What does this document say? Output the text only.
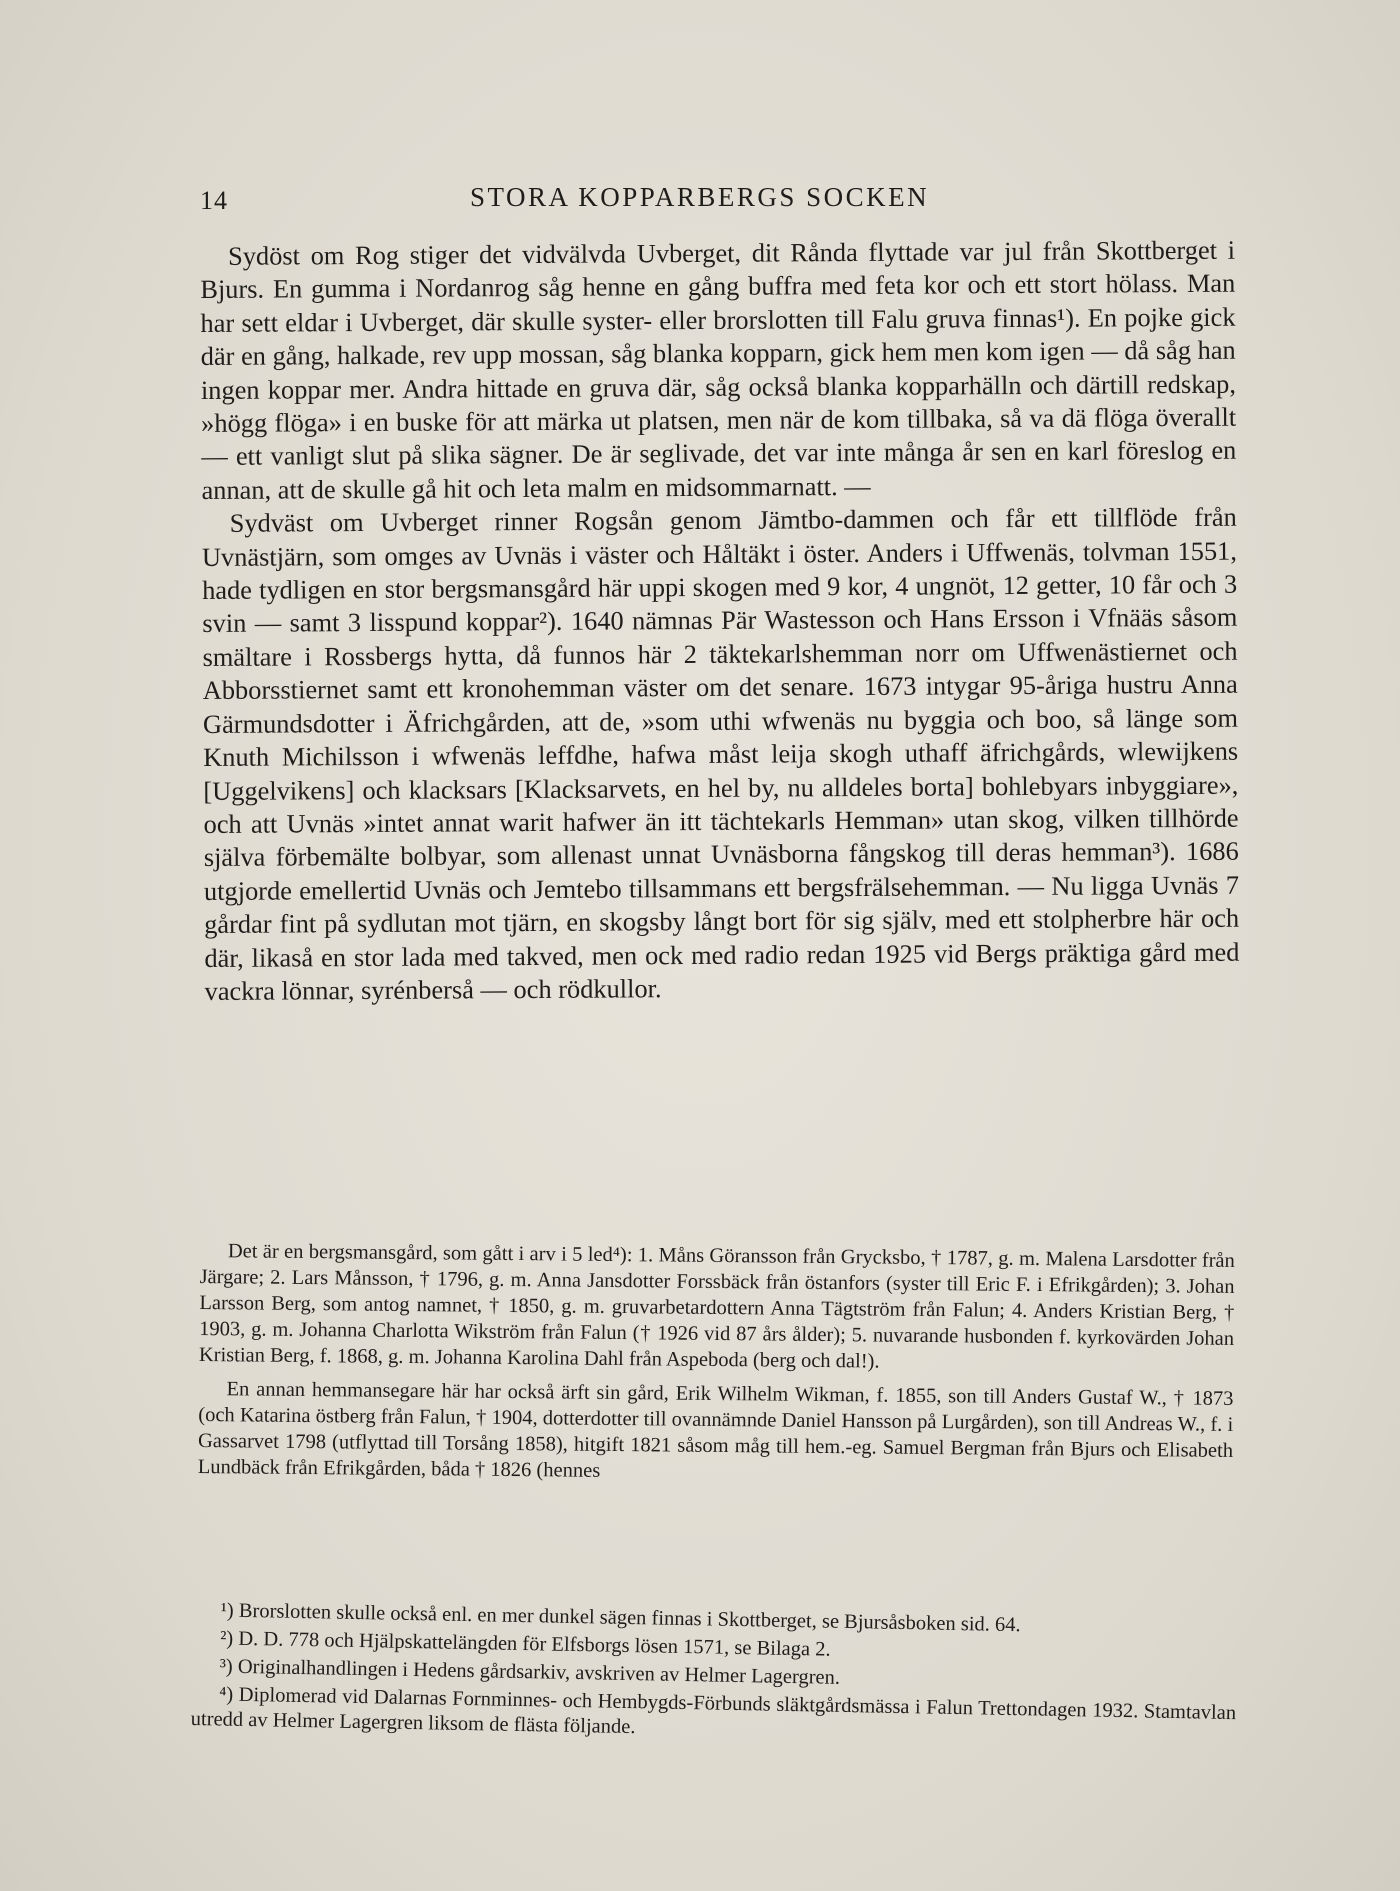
14	STORA KOPPARBERGS SOCKEN

Sydöst om Rog stiger det vidvälvda Uvberget, dit Rånda flyttade var jul från Skottberget i Bjurs. En gumma i Nordanrog såg henne en gång buffra med feta kor och ett stort hölass. Man har sett eldar i Uvberget, där skulle syster- eller brorslotten till Falu gruva finnas¹). En pojke gick där en gång, halkade, rev upp mossan, såg blanka kopparn, gick hem men kom igen — då såg han ingen koppar mer. Andra hittade en gruva där, såg också blanka kopparhälln och därtill redskap, »högg flöga» i en buske för att märka ut platsen, men när de kom tillbaka, så va dä flöga överallt — ett vanligt slut på slika sägner. De är seglivade, det var inte många år sen en karl föreslog en annan, att de skulle gå hit och leta malm en midsommarnatt. —

Sydväst om Uvberget rinner Rogsån genom Jämtbo-dammen och får ett tillflöde från Uvnästjärn, som omges av Uvnäs i väster och Håltäkt i öster. Anders i Uffwenäs, tolvman 1551, hade tydligen en stor bergsmansgård här uppi skogen med 9 kor, 4 ungnöt, 12 getter, 10 får och 3 svin — samt 3 lisspund koppar²). 1640 nämnas Pär Wastesson och Hans Ersson i Vfnääs såsom smältare i Rossbergs hytta, då funnos här 2 täktekarlshemman norr om Uffwenästiernet och Abborsstiernet samt ett kronohemman väster om det senare. 1673 intygar 95-åriga hustru Anna Gärmundsdotter i Äfrichgården, att de, »som uthi wfwenäs nu byggia och boo, så länge som Knuth Michilsson i wfwenäs leffdhe, hafwa måst leija skogh uthaff äfrichgårds, wlewijkens [Uggelvikens] och klacksars [Klacksarvets, en hel by, nu alldeles borta] bohlebyars inbyggiare», och att Uvnäs »intet annat warit hafwer än itt tächtekarls Hemman» utan skog, vilken tillhörde själva förbemälte bolbyar, som allenast unnat Uvnäsborna fångskog till deras hemman³). 1686 utgjorde emellertid Uvnäs och Jemtebo tillsammans ett bergsfrälsehemman. — Nu ligga Uvnäs 7 gårdar fint på sydlutan mot tjärn, en skogsby långt bort för sig själv, med ett stolpherbre här och där, likaså en stor lada med takved, men ock med radio redan 1925 vid Bergs präktiga gård med vackra lönnar, syrénberså — och rödkullor.

Det är en bergsmansgård, som gått i arv i 5 led⁴): 1. Måns Göransson från Grycksbo, † 1787, g. m. Malena Larsdotter från Järgare; 2. Lars Månsson, † 1796, g. m. Anna Jansdotter Forssbäck från östanfors (syster till Eric F. i Efrikgården); 3. Johan Larsson Berg, som antog namnet, † 1850, g. m. gruvarbetardottern Anna Tägtström från Falun; 4. Anders Kristian Berg, † 1903, g. m. Johanna Charlotta Wikström från Falun († 1926 vid 87 års ålder); 5. nuvarande husbonden f. kyrkovärden Johan Kristian Berg, f. 1868, g. m. Johanna Karolina Dahl från Aspeboda (berg och dal!).

En annan hemmansegare här har också ärft sin gård, Erik Wilhelm Wikman, f. 1855, son till Anders Gustaf W., † 1873 (och Katarina östberg från Falun, † 1904, dotterdotter till ovannämnde Daniel Hansson på Lurgården), son till Andreas W., f. i Gassarvet 1798 (utflyttad till Torsång 1858), hitgift 1821 såsom måg till hem.-eg. Samuel Bergman från Bjurs och Elisabeth Lundbäck från Efrikgården, båda † 1826 (hennes

¹) Brorslotten skulle också enl. en mer dunkel sägen finnas i Skottberget, se Bjursåsboken sid. 64.

²) D. D. 778 och Hjälpskattelängden för Elfsborgs lösen 1571, se Bilaga 2.

³) Originalhandlingen i Hedens gårdsarkiv, avskriven av Helmer Lagergren.

⁴) Diplomerad vid Dalarnas Fornminnes- och Hembygds-Förbunds släktgårdsmässa i Falun Trettondagen 1932. Stamtavlan utredd av Helmer Lagergren liksom de flästa följande.
